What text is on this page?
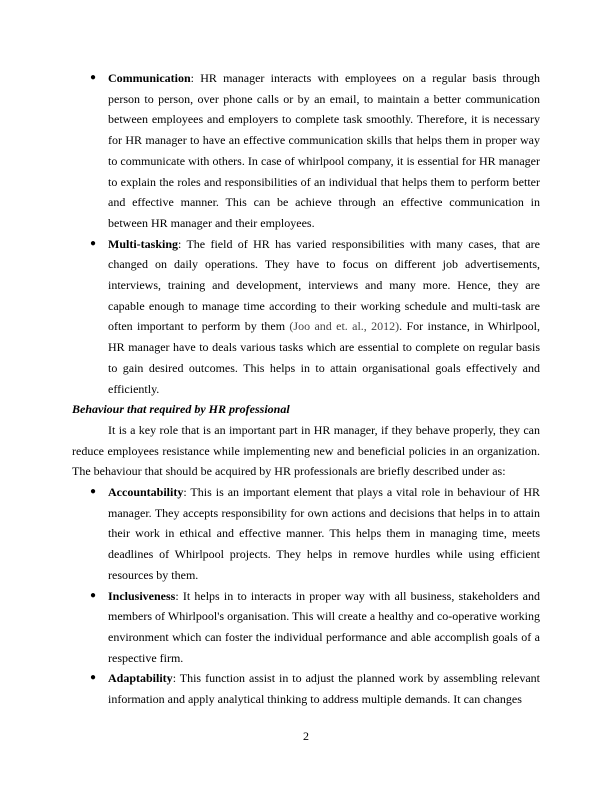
● Communication: HR manager interacts with employees on a regular basis through person to person, over phone calls or by an email, to maintain a better communication between employees and employers to complete task smoothly. Therefore, it is necessary for HR manager to have an effective communication skills that helps them in proper way to communicate with others. In case of whirlpool company, it is essential for HR manager to explain the roles and responsibilities of an individual that helps them to perform better and effective manner. This can be achieve through an effective communication in between HR manager and their employees.
● Multi-tasking: The field of HR has varied responsibilities with many cases, that are changed on daily operations. They have to focus on different job advertisements, interviews, training and development, interviews and many more. Hence, they are capable enough to manage time according to their working schedule and multi-task are often important to perform by them (Joo and et. al., 2012). For instance, in Whirlpool, HR manager have to deals various tasks which are essential to complete on regular basis to gain desired outcomes. This helps in to attain organisational goals effectively and efficiently.

Behaviour that required by HR professional

It is a key role that is an important part in HR manager, if they behave properly, they can reduce employees resistance while implementing new and beneficial policies in an organization. The behaviour that should be acquired by HR professionals are briefly described under as:

● Accountability: This is an important element that plays a vital role in behaviour of HR manager. They accepts responsibility for own actions and decisions that helps in to attain their work in ethical and effective manner. This helps them in managing time, meets deadlines of Whirlpool projects. They helps in remove hurdles while using efficient resources by them.
● Inclusiveness: It helps in to interacts in proper way with all business, stakeholders and members of Whirlpool's organisation. This will create a healthy and co-operative working environment which can foster the individual performance and able accomplish goals of a respective firm.
● Adaptability: This function assist in to adjust the planned work by assembling relevant information and apply analytical thinking to address multiple demands. It can changes
2
